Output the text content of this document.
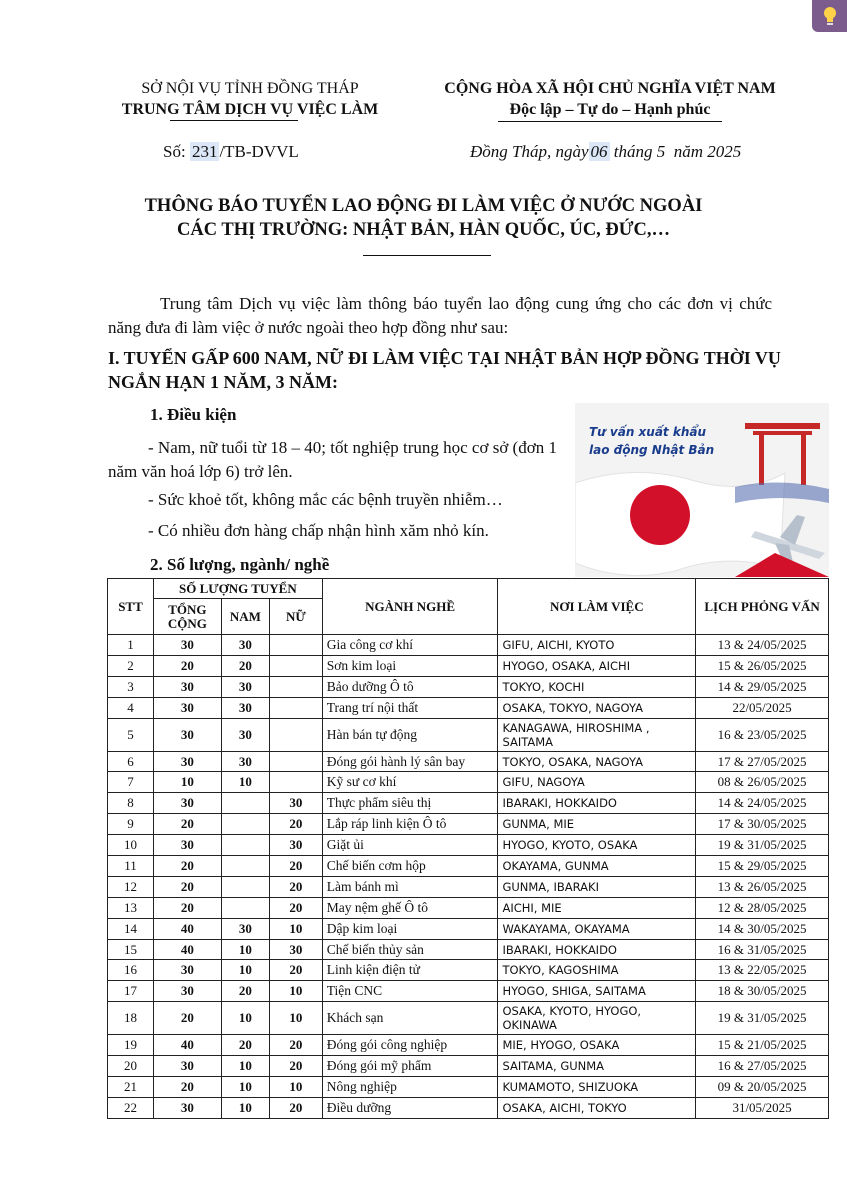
SỞ NỘI VỤ TỈNH ĐỒNG THÁP
TRUNG TÂM DỊCH VỤ VIỆC LÀM
CỘNG HÒA XÃ HỘI CHỦ NGHĨA VIỆT NAM
Độc lập – Tự do – Hạnh phúc
Số: 231 /TB-DVVL	Đồng Tháp, ngày 06 tháng 5 năm 2025
THÔNG BÁO TUYỂN LAO ĐỘNG ĐI LÀM VIỆC Ở NƯỚC NGOÀI
CÁC THỊ TRƯỜNG: NHẬT BẢN, HÀN QUỐC, ÚC, ĐỨC,…
Trung tâm Dịch vụ việc làm thông báo tuyển lao động cung ứng cho các đơn vị chức năng đưa đi làm việc ở nước ngoài theo hợp đồng như sau:
I. TUYỂN GẤP 600 NAM, NỮ ĐI LÀM VIỆC TẠI NHẬT BẢN HỢP ĐỒNG THỜI VỤ NGẮN HẠN 1 NĂM, 3 NĂM:
1. Điều kiện
- Nam, nữ tuổi từ 18 – 40; tốt nghiệp trung học cơ sở (đơn 1 năm văn hoá lớp 6) trở lên.
- Sức khoẻ tốt, không mắc các bệnh truyền nhiễm…
- Có nhiều đơn hàng chấp nhận hình xăm nhỏ kín.
2. Số lượng, ngành/ nghề
Tư vấn xuất khẩu
lao động Nhật Bản
STT	SỐ LƯỢNG TUYỂN			NGÀNH NGHỀ	NƠI LÀM VIỆC	LỊCH PHỎNG VẤN
	TỔNG CỘNG	NAM	NỮ			
1	30	30		Gia công cơ khí	GIFU, AICHI, KYOTO	13 & 24/05/2025
2	20	20		Sơn kim loại	HYOGO, OSAKA, AICHI	15 & 26/05/2025
3	30	30		Bảo dưỡng Ô tô	TOKYO, KOCHI	14 & 29/05/2025
4	30	30		Trang trí nội thất	OSAKA, TOKYO, NAGOYA	22/05/2025
5	30	30		Hàn bán tự động	KANAGAWA, HIROSHIMA , SAITAMA	16 & 23/05/2025
6	30	30		Đóng gói hành lý sân bay	TOKYO, OSAKA, NAGOYA	17 & 27/05/2025
7	10	10		Kỹ sư cơ khí	GIFU, NAGOYA	08 & 26/05/2025
8	30		30	Thực phẩm siêu thị	IBARAKI, HOKKAIDO	14 & 24/05/2025
9	20		20	Lắp ráp linh kiện Ô tô	GUNMA, MIE	17 & 30/05/2025
10	30		30	Giặt ủi	HYOGO, KYOTO, OSAKA	19 & 31/05/2025
11	20		20	Chế biến cơm hộp	OKAYAMA, GUNMA	15 & 29/05/2025
12	20		20	Làm bánh mì	GUNMA, IBARAKI	13 & 26/05/2025
13	20		20	May nệm ghế Ô tô	AICHI, MIE	12 & 28/05/2025
14	40	30	10	Dập kim loại	WAKAYAMA, OKAYAMA	14 & 30/05/2025
15	40	10	30	Chế biến thủy sản	IBARAKI, HOKKAIDO	16 & 31/05/2025
16	30	10	20	Linh kiện điện tử	TOKYO, KAGOSHIMA	13 & 22/05/2025
17	30	20	10	Tiện CNC	HYOGO, SHIGA, SAITAMA	18 & 30/05/2025
18	20	10	10	Khách sạn	OSAKA, KYOTO, HYOGO, OKINAWA	19 & 31/05/2025
19	40	20	20	Đóng gói công nghiệp	MIE, HYOGO, OSAKA	15 & 21/05/2025
20	30	10	20	Đóng gói mỹ phẩm	SAITAMA, GUNMA	16 & 27/05/2025
21	20	10	10	Nông nghiệp	KUMAMOTO, SHIZUOKA	09 & 20/05/2025
22	30	10	20	Điều dưỡng	OSAKA, AICHI, TOKYO	31/05/2025
